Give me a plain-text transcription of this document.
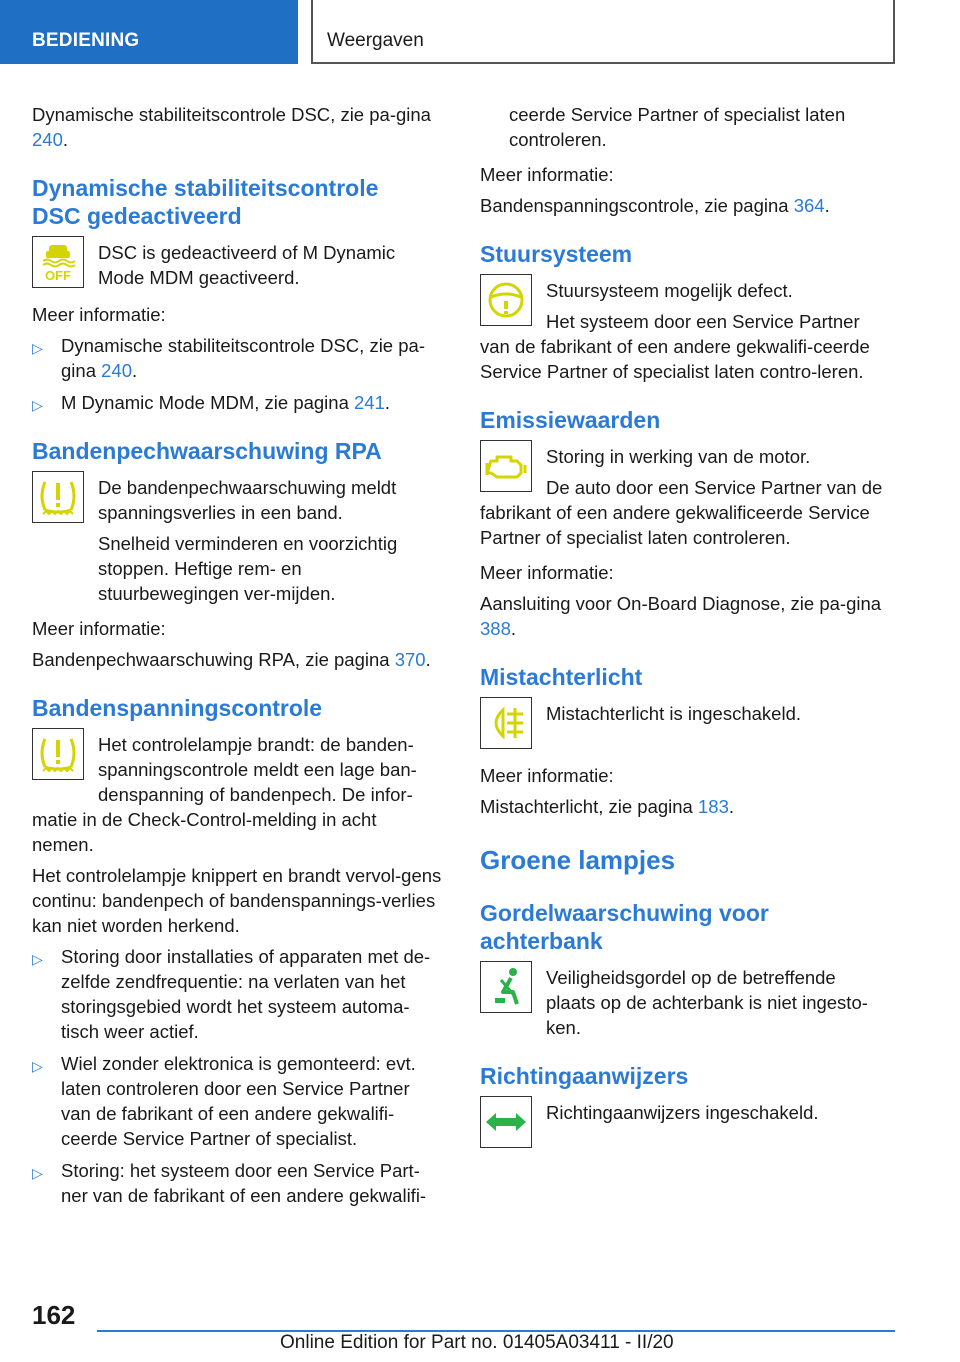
BEDIENING	Weergaven

Dynamische stabiliteitscontrole DSC, zie pa-gina 240.

Dynamische stabiliteitscontrole
DSC gedeactiveerd

OFF

DSC is gedeactiveerd of M Dynamic Mode MDM geactiveerd.

Meer informatie:

▷ Dynamische stabiliteitscontrole DSC, zie pa-gina 240.
▷ M Dynamic Mode MDM, zie pagina 241.

Bandenpechwaarschuwing RPA

De bandenpechwaarschuwing meldt spanningsverlies in een band.

Snelheid verminderen en voorzichtig stoppen. Heftige rem- en stuurbewegingen ver-mijden.

Meer informatie:

Bandenpechwaarschuwing RPA, zie pagina 370.

Bandenspanningscontrole

Het controlelampje brandt: de banden-spanningscontrole meldt een lage ban-denspanning of bandenpech. De infor-matie in de Check-Control-melding in acht nemen.

Het controlelampje knippert en brandt vervol-gens continu: bandenpech of bandenspannings-verlies kan niet worden herkend.

▷ Storing door installaties of apparaten met de-zelfde zendfrequentie: na verlaten van het storingsgebied wordt het systeem automa-tisch weer actief.
▷ Wiel zonder elektronica is gemonteerd: evt. laten controleren door een Service Partner van de fabrikant of een andere gekwalifi-ceerde Service Partner of specialist.
▷ Storing: het systeem door een Service Part-ner van de fabrikant of een andere gekwalifi-

ceerde Service Partner of specialist laten controleren.

Meer informatie:

Bandenspanningscontrole, zie pagina 364.

Stuursysteem

Stuursysteem mogelijk defect.

Het systeem door een Service Partner van de fabrikant of een andere gekwalifi-ceerde Service Partner of specialist laten contro-leren.

Emissiewaarden

Storing in werking van de motor.

De auto door een Service Partner van de fabrikant of een andere gekwalificeerde Service Partner of specialist laten controleren.

Meer informatie:

Aansluiting voor On-Board Diagnose, zie pa-gina 388.

Mistachterlicht

Mistachterlicht is ingeschakeld.

Meer informatie:

Mistachterlicht, zie pagina 183.

Groene lampjes

Gordelwaarschuwing voor
achterbank

Veiligheidsgordel op de betreffende plaats op de achterbank is niet ingesto-ken.

Richtingaanwijzers

Richtingaanwijzers ingeschakeld.

162
Online Edition for Part no. 01405A03411 - II/20
